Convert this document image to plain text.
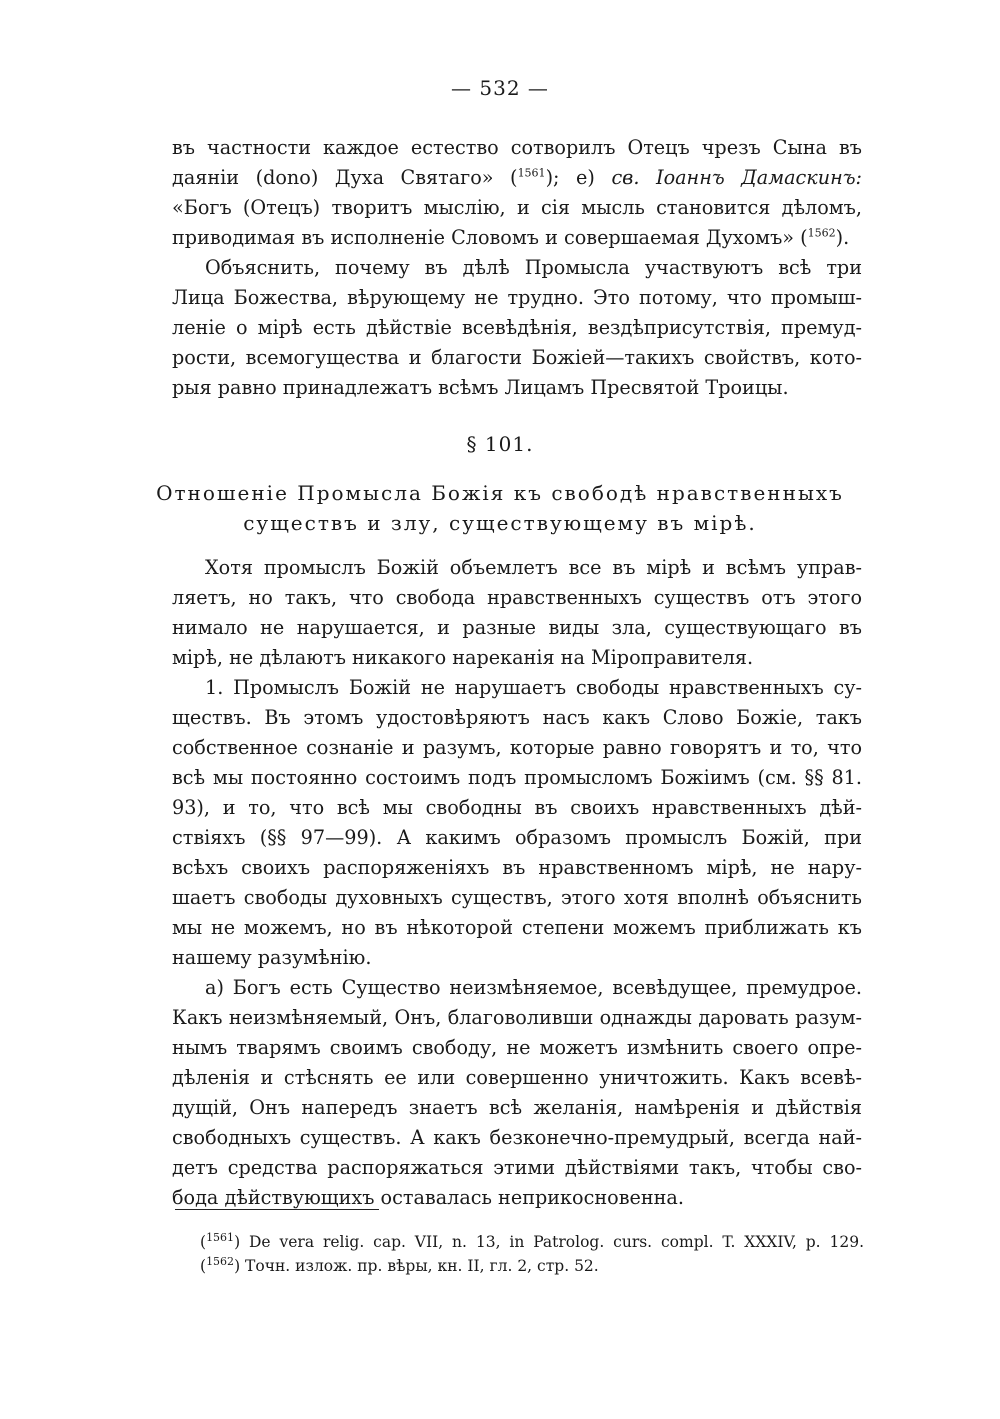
— 532 —
въ частности каждое естество сотворилъ Отецъ чрезъ Сына въ
даяніи (dono) Духа Святаго» ($^{1561}$); e) св. Іоаннъ Дамаскинъ:
«Богъ (Отецъ) творитъ мыслію, и сія мысль становится дѣломъ,
приводимая въ исполненіе Словомъ и совершаемая Духомъ» ($^{1562}$).
Объяснить, почему въ дѣлѣ Промысла участвуютъ всѣ три
Лица Божества, вѣрующему не трудно. Это потому, что промыш-
леніе о мірѣ есть дѣйствіе всевѣдѣнія, вездѣприсутствія, премуд-
рости, всемогущества и благости Божіей—такихъ свойствъ, кото-
рыя равно принадлежатъ всѣмъ Лицамъ Пресвятой Троицы.
§ 101.
Отношеніе Промысла Божія къ свободѣ нравственныхъ
существъ и злу, существующему въ мірѣ.
Хотя промыслъ Божій объемлетъ все въ мірѣ и всѣмъ управ-
ляетъ, но такъ, что свобода нравственныхъ существъ отъ этого
нимало не нарушается, и разные виды зла, существующаго въ
мірѣ, не дѣлаютъ никакого нареканія на Міроправителя.
1. Промыслъ Божій не нарушаетъ свободы нравственныхъ су-
ществъ. Въ этомъ удостовѣряютъ насъ какъ Слово Божіе, такъ
собственное сознаніе и разумъ, которые равно говорятъ и то, что
всѣ мы постоянно состоимъ подъ промысломъ Божіимъ (см. §§ 81.
93), и то, что всѣ мы свободны въ своихъ нравственныхъ дѣй-
ствіяхъ (§§ 97—99). А какимъ образомъ промыслъ Божій, при
всѣхъ своихъ распоряженіяхъ въ нравственномъ мірѣ, не нару-
шаетъ свободы духовныхъ существъ, этого хотя вполнѣ объяснить
мы не можемъ, но въ нѣкоторой степени можемъ приближать къ
нашему разумѣнію.
а) Богъ есть Существо неизмѣняемое, всевѣдущее, премудрое.
Какъ неизмѣняемый, Онъ, благоволивши однажды даровать разум-
нымъ тварямъ своимъ свободу, не можетъ измѣнить своего опре-
дѣленія и стѣснять ее или совершенно уничтожить. Какъ всевѣ-
дущій, Онъ напередъ знаетъ всѣ желанія, намѣренія и дѣйствія
свободныхъ существъ. А какъ безконечно-премудрый, всегда най-
детъ средства распоряжаться этими дѣйствіями такъ, чтобы сво-
бода дѣйствующихъ оставалась неприкосновенна.
($^{1561}$) De vera relig. cap. VII, n. 13, in Patrolog. curs. compl. T. XXXIV, p. 129.
($^{1562}$) Точн. излож. пр. вѣры, кн. II, гл. 2, стр. 52.
